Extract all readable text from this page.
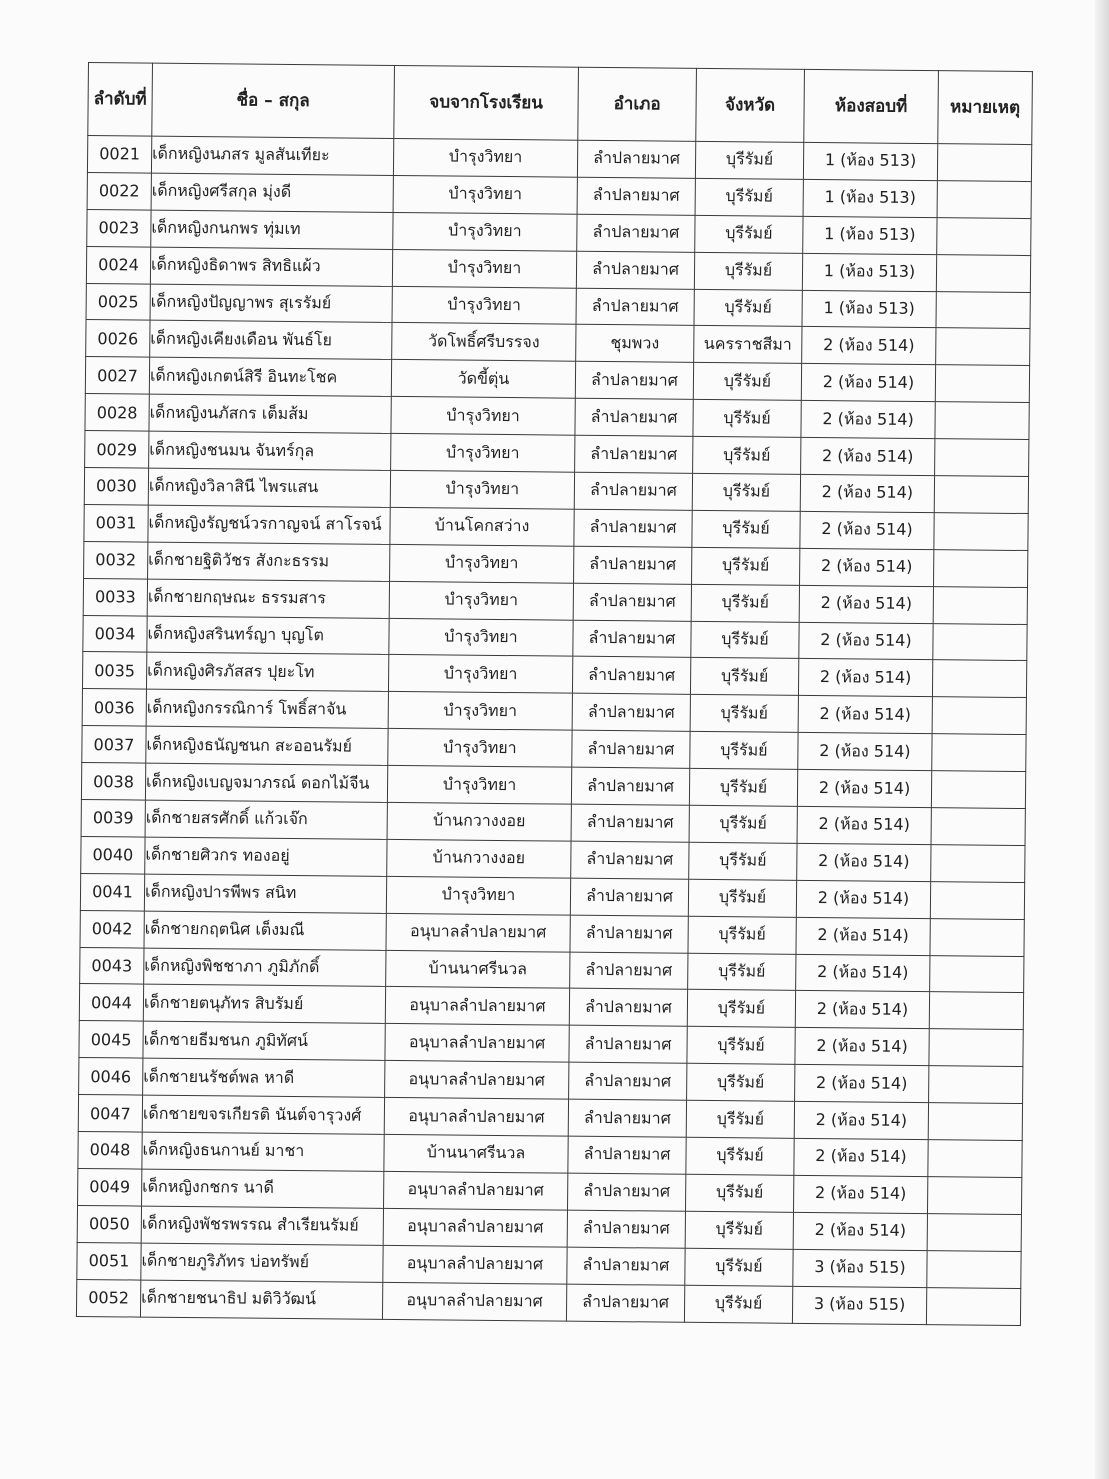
ลำดับที่	ชื่อ – สกุล	จบจากโรงเรียน	อำเภอ	จังหวัด	ห้องสอบที่	หมายเหตุ
0021	เด็กหญิงนภสร มูลสันเทียะ	บำรุงวิทยา	ลำปลายมาศ	บุรีรัมย์	1 (ห้อง 513)	
0022	เด็กหญิงศรีสกุล มุ่งดี	บำรุงวิทยา	ลำปลายมาศ	บุรีรัมย์	1 (ห้อง 513)	
0023	เด็กหญิงกนกพร ทุ่มเท	บำรุงวิทยา	ลำปลายมาศ	บุรีรัมย์	1 (ห้อง 513)	
0024	เด็กหญิงธิดาพร สิทธิแผ้ว	บำรุงวิทยา	ลำปลายมาศ	บุรีรัมย์	1 (ห้อง 513)	
0025	เด็กหญิงปัญญาพร สุเรรัมย์	บำรุงวิทยา	ลำปลายมาศ	บุรีรัมย์	1 (ห้อง 513)	
0026	เด็กหญิงเคียงเดือน พันธ์โย	วัดโพธิ์ศรีบรรจง	ชุมพวง	นครราชสีมา	2 (ห้อง 514)	
0027	เด็กหญิงเกตน์สิรี อินทะโชค	วัดขี้ตุ่น	ลำปลายมาศ	บุรีรัมย์	2 (ห้อง 514)	
0028	เด็กหญิงนภัสกร เต็มส้ม	บำรุงวิทยา	ลำปลายมาศ	บุรีรัมย์	2 (ห้อง 514)	
0029	เด็กหญิงชนมน จันทร์กุล	บำรุงวิทยา	ลำปลายมาศ	บุรีรัมย์	2 (ห้อง 514)	
0030	เด็กหญิงวิลาสินี ไพรแสน	บำรุงวิทยา	ลำปลายมาศ	บุรีรัมย์	2 (ห้อง 514)	
0031	เด็กหญิงรัญชน์วรกาญจน์ สาโรจน์	บ้านโคกสว่าง	ลำปลายมาศ	บุรีรัมย์	2 (ห้อง 514)	
0032	เด็กชายฐิติวัชร สังกะธรรม	บำรุงวิทยา	ลำปลายมาศ	บุรีรัมย์	2 (ห้อง 514)	
0033	เด็กชายกฤษณะ ธรรมสาร	บำรุงวิทยา	ลำปลายมาศ	บุรีรัมย์	2 (ห้อง 514)	
0034	เด็กหญิงสรินทร์ญา บุญโต	บำรุงวิทยา	ลำปลายมาศ	บุรีรัมย์	2 (ห้อง 514)	
0035	เด็กหญิงศิรภัสสร ปุยะโท	บำรุงวิทยา	ลำปลายมาศ	บุรีรัมย์	2 (ห้อง 514)	
0036	เด็กหญิงกรรณิการ์ โพธิ์สาจัน	บำรุงวิทยา	ลำปลายมาศ	บุรีรัมย์	2 (ห้อง 514)	
0037	เด็กหญิงธนัญชนก สะออนรัมย์	บำรุงวิทยา	ลำปลายมาศ	บุรีรัมย์	2 (ห้อง 514)	
0038	เด็กหญิงเบญจมาภรณ์ ดอกไม้จีน	บำรุงวิทยา	ลำปลายมาศ	บุรีรัมย์	2 (ห้อง 514)	
0039	เด็กชายสรศักดิ์ แก้วเจ๊ก	บ้านกวางงอย	ลำปลายมาศ	บุรีรัมย์	2 (ห้อง 514)	
0040	เด็กชายศิวกร ทองอยู่	บ้านกวางงอย	ลำปลายมาศ	บุรีรัมย์	2 (ห้อง 514)	
0041	เด็กหญิงปารพีพร สนิท	บำรุงวิทยา	ลำปลายมาศ	บุรีรัมย์	2 (ห้อง 514)	
0042	เด็กชายกฤตนิศ เต็งมณี	อนุบาลลำปลายมาศ	ลำปลายมาศ	บุรีรัมย์	2 (ห้อง 514)	
0043	เด็กหญิงพิชชาภา ภูมิภักดิ์	บ้านนาศรีนวล	ลำปลายมาศ	บุรีรัมย์	2 (ห้อง 514)	
0044	เด็กชายตนุภัทร สิบรัมย์	อนุบาลลำปลายมาศ	ลำปลายมาศ	บุรีรัมย์	2 (ห้อง 514)	
0045	เด็กชายธีมชนก ภูมิทัศน์	อนุบาลลำปลายมาศ	ลำปลายมาศ	บุรีรัมย์	2 (ห้อง 514)	
0046	เด็กชายนรัชต์พล หาดี	อนุบาลลำปลายมาศ	ลำปลายมาศ	บุรีรัมย์	2 (ห้อง 514)	
0047	เด็กชายขจรเกียรติ นันต์จารุวงศ์	อนุบาลลำปลายมาศ	ลำปลายมาศ	บุรีรัมย์	2 (ห้อง 514)	
0048	เด็กหญิงธนกานย์ มาชา	บ้านนาศรีนวล	ลำปลายมาศ	บุรีรัมย์	2 (ห้อง 514)	
0049	เด็กหญิงกชกร นาดี	อนุบาลลำปลายมาศ	ลำปลายมาศ	บุรีรัมย์	2 (ห้อง 514)	
0050	เด็กหญิงพัชรพรรณ สำเรียนรัมย์	อนุบาลลำปลายมาศ	ลำปลายมาศ	บุรีรัมย์	2 (ห้อง 514)	
0051	เด็กชายภูริภัทร บ่อทรัพย์	อนุบาลลำปลายมาศ	ลำปลายมาศ	บุรีรัมย์	3 (ห้อง 515)	
0052	เด็กชายชนาธิป มติวิวัฒน์	อนุบาลลำปลายมาศ	ลำปลายมาศ	บุรีรัมย์	3 (ห้อง 515)	
